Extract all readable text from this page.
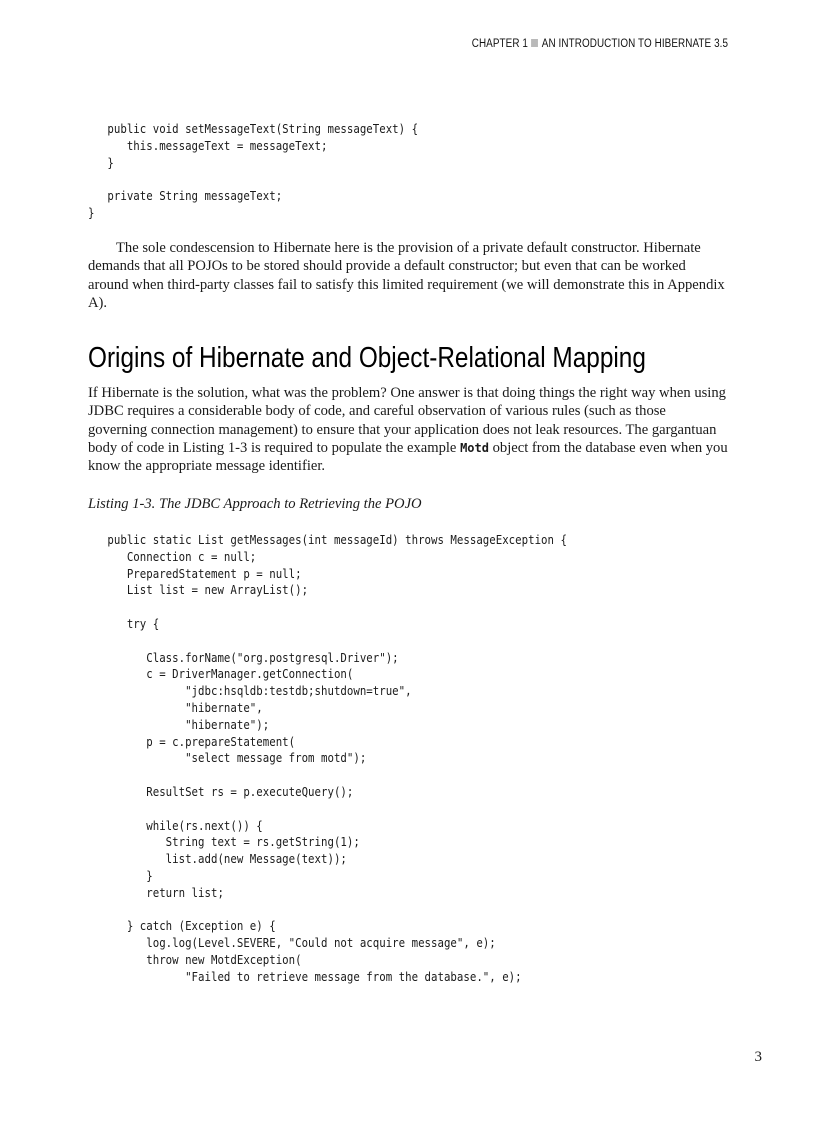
CHAPTER 1 AN INTRODUCTION TO HIBERNATE 3.5
public void setMessageText(String messageText) {
this.messageText = messageText;
}
private String messageText;
}

The sole condescension to Hibernate here is the provision of a private default constructor. Hibernate demands that all POJOs to be stored should provide a default constructor; but even that can be worked around when third-party classes fail to satisfy this limited requirement (we will demonstrate this in Appendix A).

Origins of Hibernate and Object-Relational Mapping

If Hibernate is the solution, what was the problem? One answer is that doing things the right way when using JDBC requires a considerable body of code, and careful observation of various rules (such as those governing connection management) to ensure that your application does not leak resources. The gargantuan body of code in Listing 1-3 is required to populate the example Motd object from the database even when you know the appropriate message identifier.

Listing 1-3. The JDBC Approach to Retrieving the POJO

public static List getMessages(int messageId) throws MessageException {
Connection c = null;
PreparedStatement p = null;
List list = new ArrayList();
try {
Class.forName("org.postgresql.Driver");
c = DriverManager.getConnection(
"jdbc:hsqldb:testdb;shutdown=true",
"hibernate",
"hibernate");
p = c.prepareStatement(
"select message from motd");
ResultSet rs = p.executeQuery();
while(rs.next()) {
String text = rs.getString(1);
list.add(new Message(text));
}
return list;
} catch (Exception e) {
log.log(Level.SEVERE, "Could not acquire message", e);
throw new MotdException(
"Failed to retrieve message from the database.", e);
3
